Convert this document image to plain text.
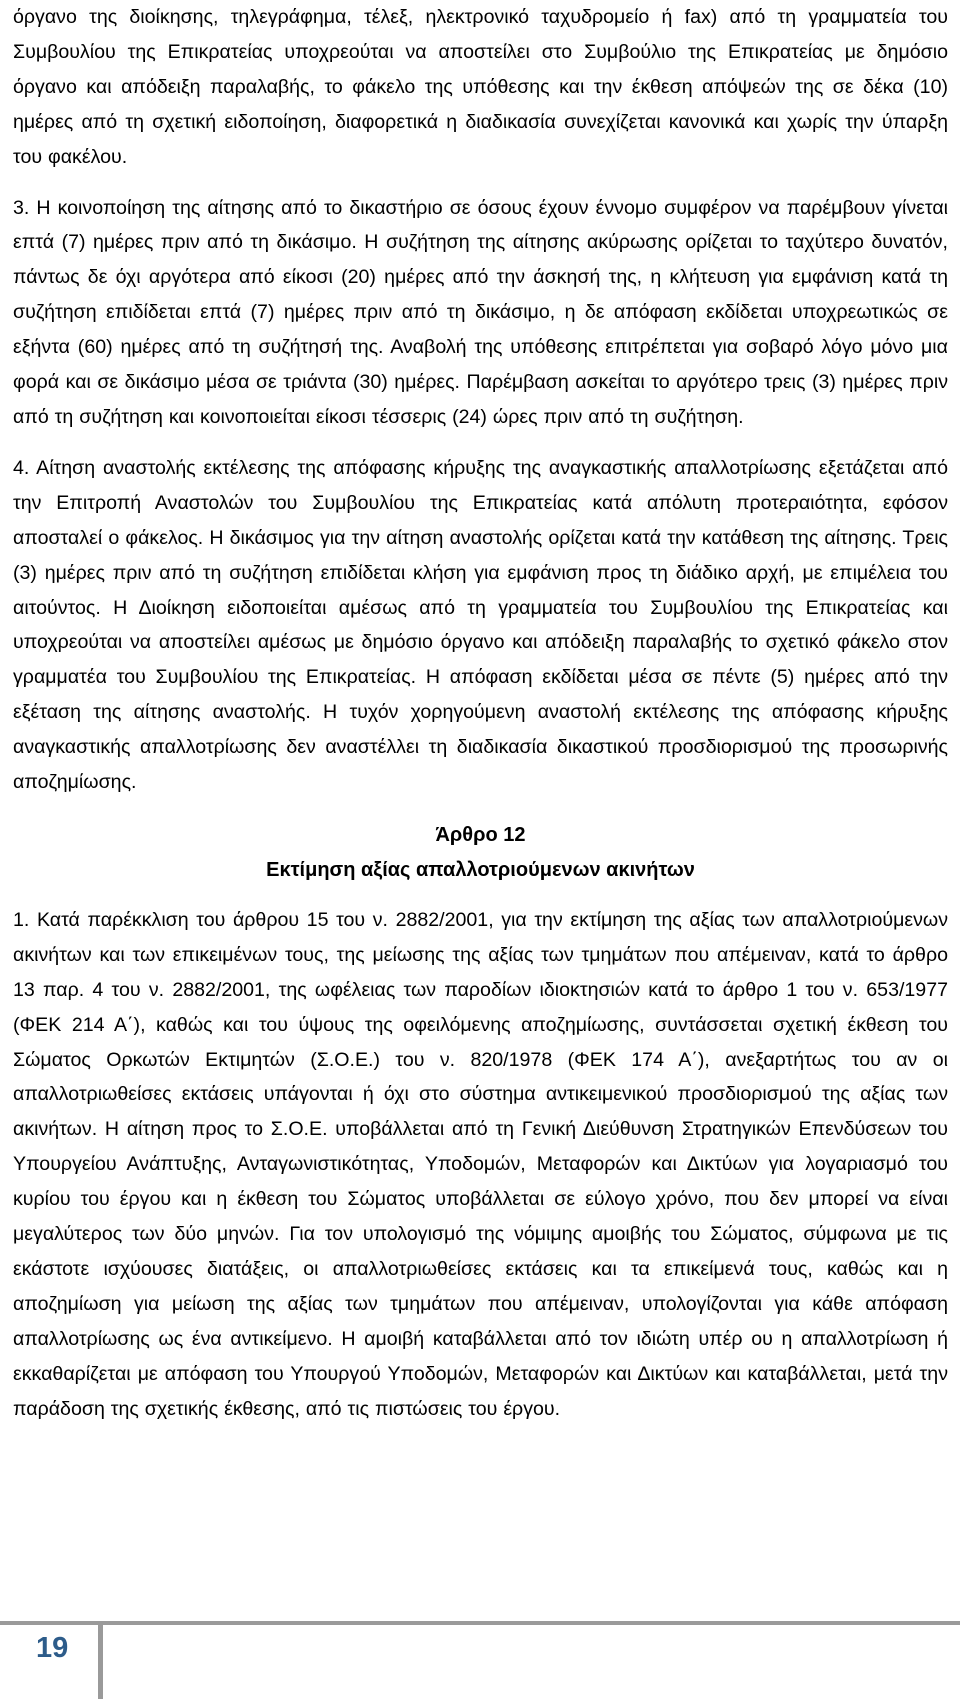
όργανο της διοίκησης, τηλεγράφημα, τέλεξ, ηλεκτρονικό ταχυδρομείο ή fax) από τη γραμματεία του Συμβουλίου της Επικρατείας υποχρεούται να αποστείλει στο Συμβούλιο της Επικρατείας με δημόσιο όργανο και απόδειξη παραλαβής, το φάκελο της υπόθεσης και την έκθεση απόψεών της σε δέκα (10) ημέρες από τη σχετική ειδοποίηση, διαφορετικά η διαδικασία συνεχίζεται κανονικά και χωρίς την ύπαρξη του φακέλου.

3. Η κοινοποίηση της αίτησης από το δικαστήριο σε όσους έχουν έννομο συμφέρον να παρέμβουν γίνεται επτά (7) ημέρες πριν από τη δικάσιμο. Η συζήτηση της αίτησης ακύρωσης ορίζεται το ταχύτερο δυνατόν, πάντως δε όχι αργότερα από είκοσι (20) ημέρες από την άσκησή της, η κλήτευση για εμφάνιση κατά τη συζήτηση επιδίδεται επτά (7) ημέρες πριν από τη δικάσιμο, η δε απόφαση εκδίδεται υποχρεωτικώς σε εξήντα (60) ημέρες από τη συζήτησή της. Αναβολή της υπόθεσης επιτρέπεται για σοβαρό λόγο μόνο μια φορά και σε δικάσιμο μέσα σε τριάντα (30) ημέρες. Παρέμβαση ασκείται το αργότερο τρεις (3) ημέρες πριν από τη συζήτηση και κοινοποιείται είκοσι τέσσερις (24) ώρες πριν από τη συζήτηση.

4. Αίτηση αναστολής εκτέλεσης της απόφασης κήρυξης της αναγκαστικής απαλλοτρίωσης εξετάζεται από την Επιτροπή Αναστολών του Συμβουλίου της Επικρατείας κατά απόλυτη προτεραιότητα, εφόσον αποσταλεί ο φάκελος. Η δικάσιμος για την αίτηση αναστολής ορίζεται κατά την κατάθεση της αίτησης. Τρεις (3) ημέρες πριν από τη συζήτηση επιδίδεται κλήση για εμφάνιση προς τη διάδικο αρχή, με επιμέλεια του αιτούντος. Η Διοίκηση ειδοποιείται αμέσως από τη γραμματεία του Συμβουλίου της Επικρατείας και υποχρεούται να αποστείλει αμέσως με δημόσιο όργανο και απόδειξη παραλαβής το σχετικό φάκελο στον γραμματέα του Συμβουλίου της Επικρατείας. Η απόφαση εκδίδεται μέσα σε πέντε (5) ημέρες από την εξέταση της αίτησης αναστολής. Η τυχόν χορηγούμενη αναστολή εκτέλεσης της απόφασης κήρυξης αναγκαστικής απαλλοτρίωσης δεν αναστέλλει τη διαδικασία δικαστικού προσδιορισμού της προσωρινής αποζημίωσης.

Άρθρο 12

Εκτίμηση αξίας απαλλοτριούμενων ακινήτων

1. Κατά παρέκκλιση του άρθρου 15 του ν. 2882/2001, για την εκτίμηση της αξίας των απαλλοτριούμενων ακινήτων και των επικειμένων τους, της μείωσης της αξίας των τμημάτων που απέμειναν, κατά το άρθρο 13 παρ. 4 του ν. 2882/2001, της ωφέλειας των παροδίων ιδιοκτησιών κατά το άρθρο 1 του ν. 653/1977 (ΦΕΚ 214 Α΄), καθώς και του ύψους της οφειλόμενης αποζημίωσης, συντάσσεται σχετική έκθεση του Σώματος Ορκωτών Εκτιμητών (Σ.Ο.Ε.) του ν. 820/1978 (ΦΕΚ 174 Α΄), ανεξαρτήτως του αν οι απαλλοτριωθείσες εκτάσεις υπάγονται ή όχι στο σύστημα αντικειμενικού προσδιορισμού της αξίας των ακινήτων. Η αίτηση προς το Σ.Ο.Ε. υποβάλλεται από τη Γενική Διεύθυνση Στρατηγικών Επενδύσεων του Υπουργείου Ανάπτυξης, Ανταγωνιστικότητας, Υποδομών, Μεταφορών και Δικτύων για λογαριασμό του κυρίου του έργου και η έκθεση του Σώματος υποβάλλεται σε εύλογο χρόνο, που δεν μπορεί να είναι μεγαλύτερος των δύο μηνών. Για τον υπολογισμό της νόμιμης αμοιβής του Σώματος, σύμφωνα με τις εκάστοτε ισχύουσες διατάξεις, οι απαλλοτριωθείσες εκτάσεις και τα επικείμενά τους, καθώς και η αποζημίωση για μείωση της αξίας των τμημάτων που απέμειναν, υπολογίζονται για κάθε απόφαση απαλλοτρίωσης ως ένα αντικείμενο. Η αμοιβή καταβάλλεται από τον ιδιώτη υπέρ ου η απαλλοτρίωση ή εκκαθαρίζεται με απόφαση του Υπουργού Υποδομών, Μεταφορών και Δικτύων και καταβάλλεται, μετά την παράδοση της σχετικής έκθεσης, από τις πιστώσεις του έργου.

19
